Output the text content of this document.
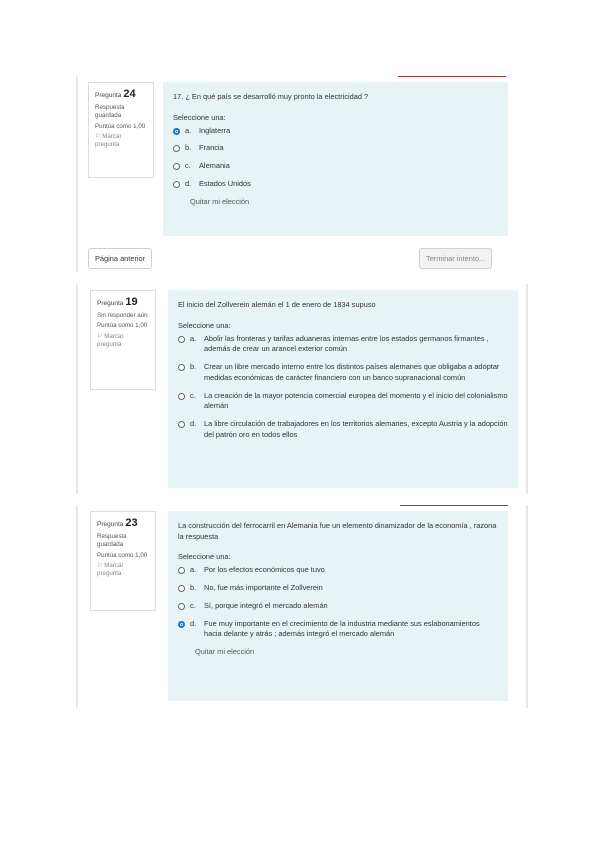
Pregunta 24
Respuesta guardada
Puntúa como 1,00
⚐ Marcar pregunta
17. ¿ En qué país se desarrolló muy pronto la electricidad ?
Seleccione una:
a.	Inglaterra
b.	Francia
c.	Alemania
d.	Estados Unidos
Quitar mi elección
Página anterior	Terminar intento...
Pregunta 19
Sin responder aún
Puntúa como 1,00
⚐ Marcar pregunta
El inicio del Zollverein alemán el 1 de enero de 1834 supuso
Seleccione una:
a.	Abolir las fronteras y tarifas aduaneras internas entre los estados germanos firmantes , además de crear un arancel exterior común
b.	Crear un libre mercado interno entre los distintos países alemanes que obligaba a adoptar medidas económicas de carácter financiero con un banco supranacional común
c.	La creación de la mayor potencia comercial europea del momento y el inicio del colonialismo alemán
d.	La libre circulación de trabajadores en los territorios alemanes, excepto Austria y la adopción del patrón oro en todos ellos
Pregunta 23
Respuesta guardada
Puntúa como 1,00
⚐ Marcar pregunta
La construcción del ferrocarril en Alemania fue un elemento dinamizador de la economía , razona la respuesta
Seleccione una:
a.	Por los efectos económicos que tuvo
b.	No, fue más importante el Zollverein
c.	Sí, porque integró el mercado alemán
d.	Fue muy importante en el crecimiento de la industria mediante sus eslabonamientos hacia delante y atrás ; además integró el mercado alemán
Quitar mi elección
